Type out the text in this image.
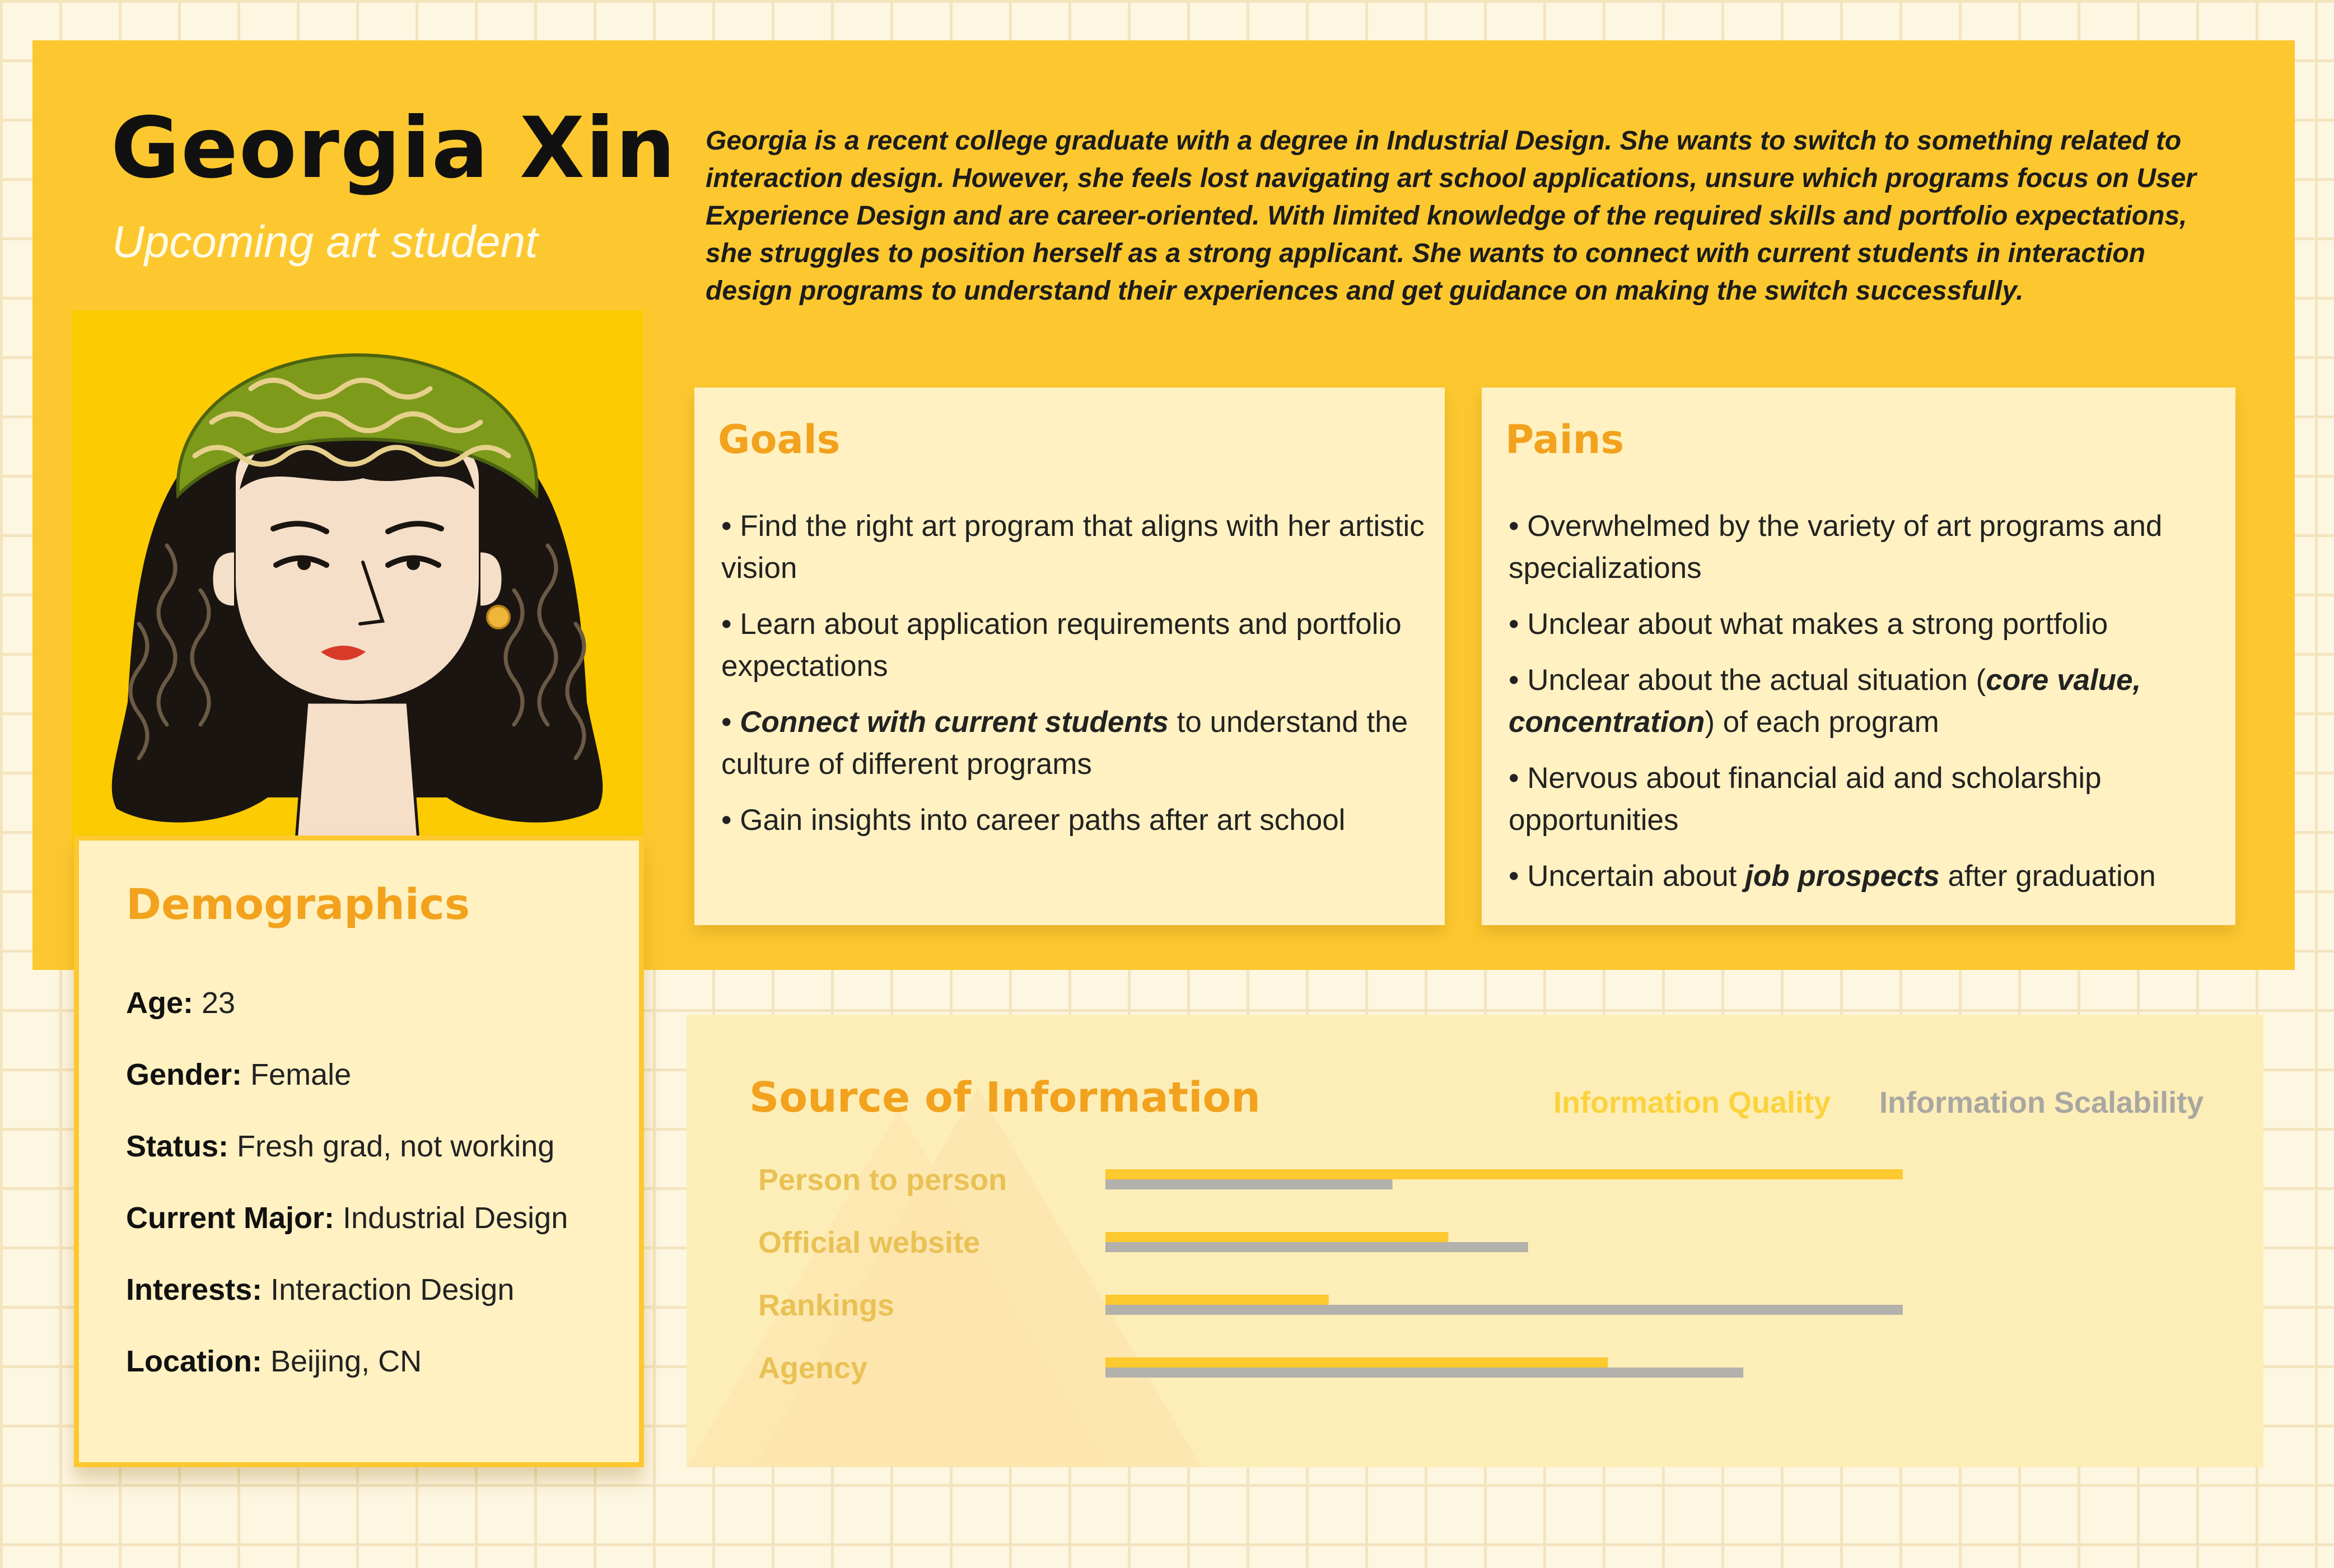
Georgia Xin

Upcoming art student

Georgia is a recent college graduate with a degree in Industrial Design. She wants to switch to something related to interaction design. However, she feels lost navigating art school applications, unsure which programs focus on User Experience Design and are career-oriented. With limited knowledge of the required skills and portfolio expectations, she struggles to position herself as a strong applicant. She wants to connect with current students in interaction design programs to understand their experiences and get guidance on making the switch successfully.

Goals
• Find the right art program that aligns with her artistic vision
• Learn about application requirements and portfolio expectations
• Connect with current students to understand the culture of different programs
• Gain insights into career paths after art school
Pains
• Overwhelmed by the variety of art programs and specializations
• Unclear about what makes a strong portfolio
• Unclear about the actual situation (core value, concentration) of each program
• Nervous about financial aid and scholarship opportunities
• Uncertain about job prospects after graduation
Demographics
Age: 23
Gender: Female
Status: Fresh grad, not working
Current Major: Industrial Design
Interests: Interaction Design
Location: Beijing, CN
Source of Information	Information Quality Information Scalability
Person to person
Official website
Rankings
Agency
